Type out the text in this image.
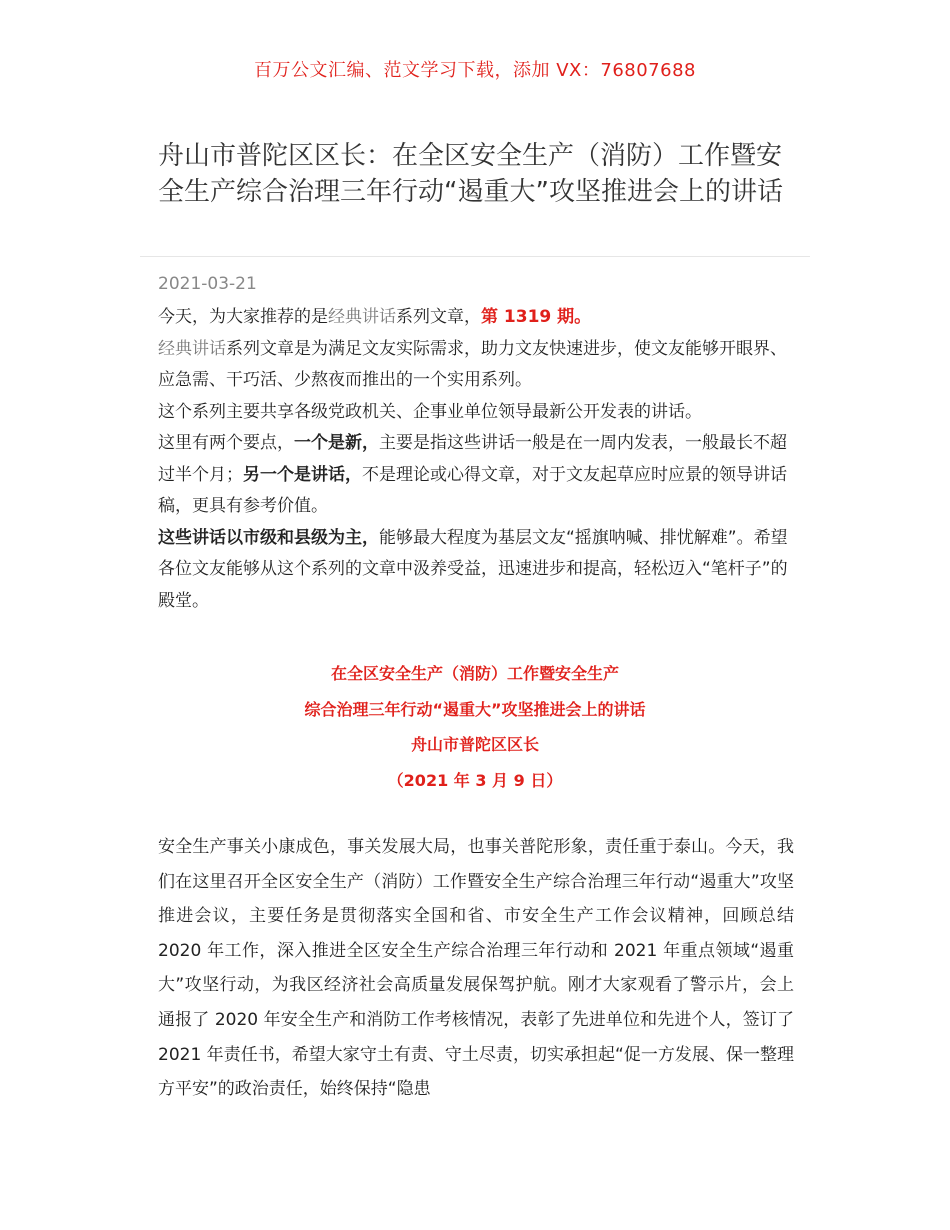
百万公文汇编、范文学习下载，添加 VX：76807688
舟山市普陀区区长：在全区安全生产（消防）工作暨安全生产综合治理三年行动“遏重大”攻坚推进会上的讲话
2021-03-21

今天，为大家推荐的是经典讲话系列文章，第 1319 期。

经典讲话系列文章是为满足文友实际需求，助力文友快速进步，使文友能够开眼界、应急需、干巧活、少熬夜而推出的一个实用系列。

这个系列主要共享各级党政机关、企事业单位领导最新公开发表的讲话。

这里有两个要点，一个是新，主要是指这些讲话一般是在一周内发表，一般最长不超过半个月；另一个是讲话，不是理论或心得文章，对于文友起草应时应景的领导讲话稿，更具有参考价值。

这些讲话以市级和县级为主，能够最大程度为基层文友“摇旗呐喊、排忧解难”。希望各位文友能够从这个系列的文章中汲养受益，迅速进步和提高，轻松迈入“笔杆子”的殿堂。

在全区安全生产（消防）工作暨安全生产
综合治理三年行动“遏重大”攻坚推进会上的讲话
舟山市普陀区区长
（2021 年 3 月 9 日）
安全生产事关小康成色，事关发展大局，也事关普陀形象，责任重于泰山。今天，我们在这里召开全区安全生产（消防）工作暨安全生产综合治理三年行动“遏重大”攻坚推进会议，主要任务是贯彻落实全国和省、市安全生产工作会议精神，回顾总结 2020 年工作，深入推进全区安全生产综合治理三年行动和 2021 年重点领域“遏重大”攻坚行动，为我区经济社会高质量发展保驾护航。刚才大家观看了警示片，会上通报了 2020 年安全生产和消防工作考核情况，表彰了先进单位和先进个人，签订了 2021 年责任书，希望大家守土有责、守土尽责，切实承担起“促一方发展、保一整理方平安”的政治责任，始终保持“隐患
